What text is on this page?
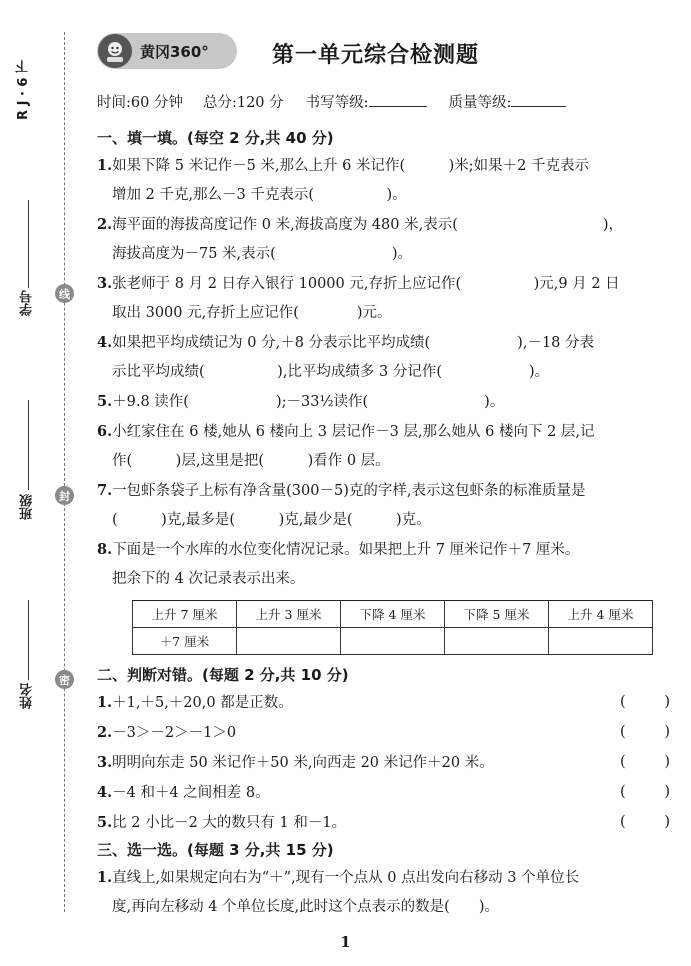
R J · 6 下
学号
班级
姓名
线
封
密
黄冈360°	第一单元综合检测题
时间:60 分钟 总分:120 分 书写等级:	质量等级:
一、填一填。(每空 2 分,共 40 分)
1.如果下降 5 米记作－5 米,那么上升 6 米记作(　　　)米;如果＋2 千克表示
增加 2 千克,那么－3 千克表示(　　　　　)。
2.海平面的海拔高度记作 0 米,海拔高度为 480 米,表示(　　　　　　　　　　)，
海拔高度为－75 米,表示(　　　　　　　　)。
3.张老师于 8 月 2 日存入银行 10000 元,存折上应记作(　　　　　)元,9 月 2 日
取出 3000 元,存折上应记作(　　　　)元。
4.如果把平均成绩记为 0 分,＋8 分表示比平均成绩(　　　　　　),－18 分表
示比平均成绩(　　　　　),比平均成绩多 3 分记作(　　　　　　)。
5.＋9.8 读作(　　　　　　);－33½读作(　　　　　　　　)。
6.小红家住在 6 楼,她从 6 楼向上 3 层记作－3 层,那么她从 6 楼向下 2 层,记
作(　　　)层,这里是把(　　　)看作 0 层。
7.一包虾条袋子上标有净含量(300－5)克的字样,表示这包虾条的标准质量是
(　　　)克,最多是(　　　)克,最少是(　　　)克。
8.下面是一个水库的水位变化情况记录。如果把上升 7 厘米记作＋7 厘米。
把余下的 4 次记录表示出来。
上升 7 厘米	上升 3 厘米	下降 4 厘米	下降 5 厘米	上升 4 厘米
＋7 厘米				
二、判断对错。(每题 2 分,共 10 分)
1.＋1,＋5,＋20,0 都是正数。	(	)
2.－3＞－2＞－1＞0	(	)
3.明明向东走 50 米记作＋50 米,向西走 20 米记作＋20 米。	(	)
4.－4 和＋4 之间相差 8。	(	)
5.比 2 小比－2 大的数只有 1 和－1。	(	)
三、选一选。(每题 3 分,共 15 分)
1.直线上,如果规定向右为“＋”,现有一个点从 0 点出发向右移动 3 个单位长
度,再向左移动 4 个单位长度,此时这个点表示的数是(　　)。
1
